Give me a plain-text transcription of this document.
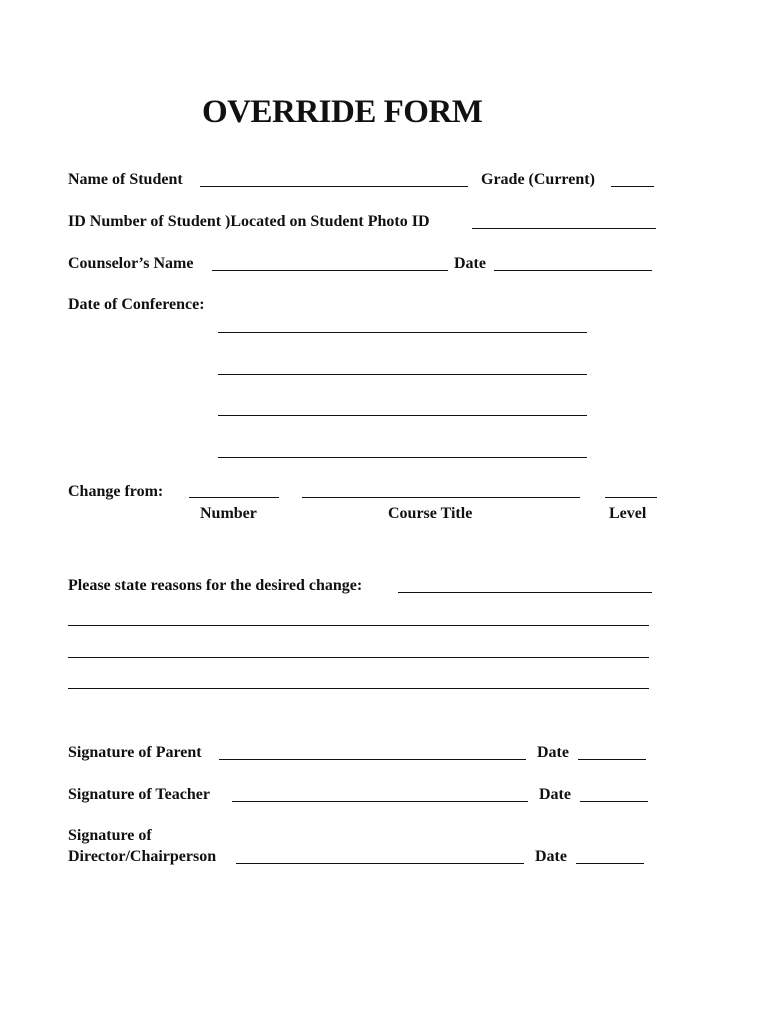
OVERRIDE FORM
Name of Student	Grade (Current)
ID Number of Student )Located on Student Photo ID
Counselor’s Name	Date
Date of Conference:
Change from:
Number	Course Title	Level
Please state reasons for the desired change:
Signature of Parent	Date
Signature of Teacher	Date
Signature of
Director/Chairperson	Date
